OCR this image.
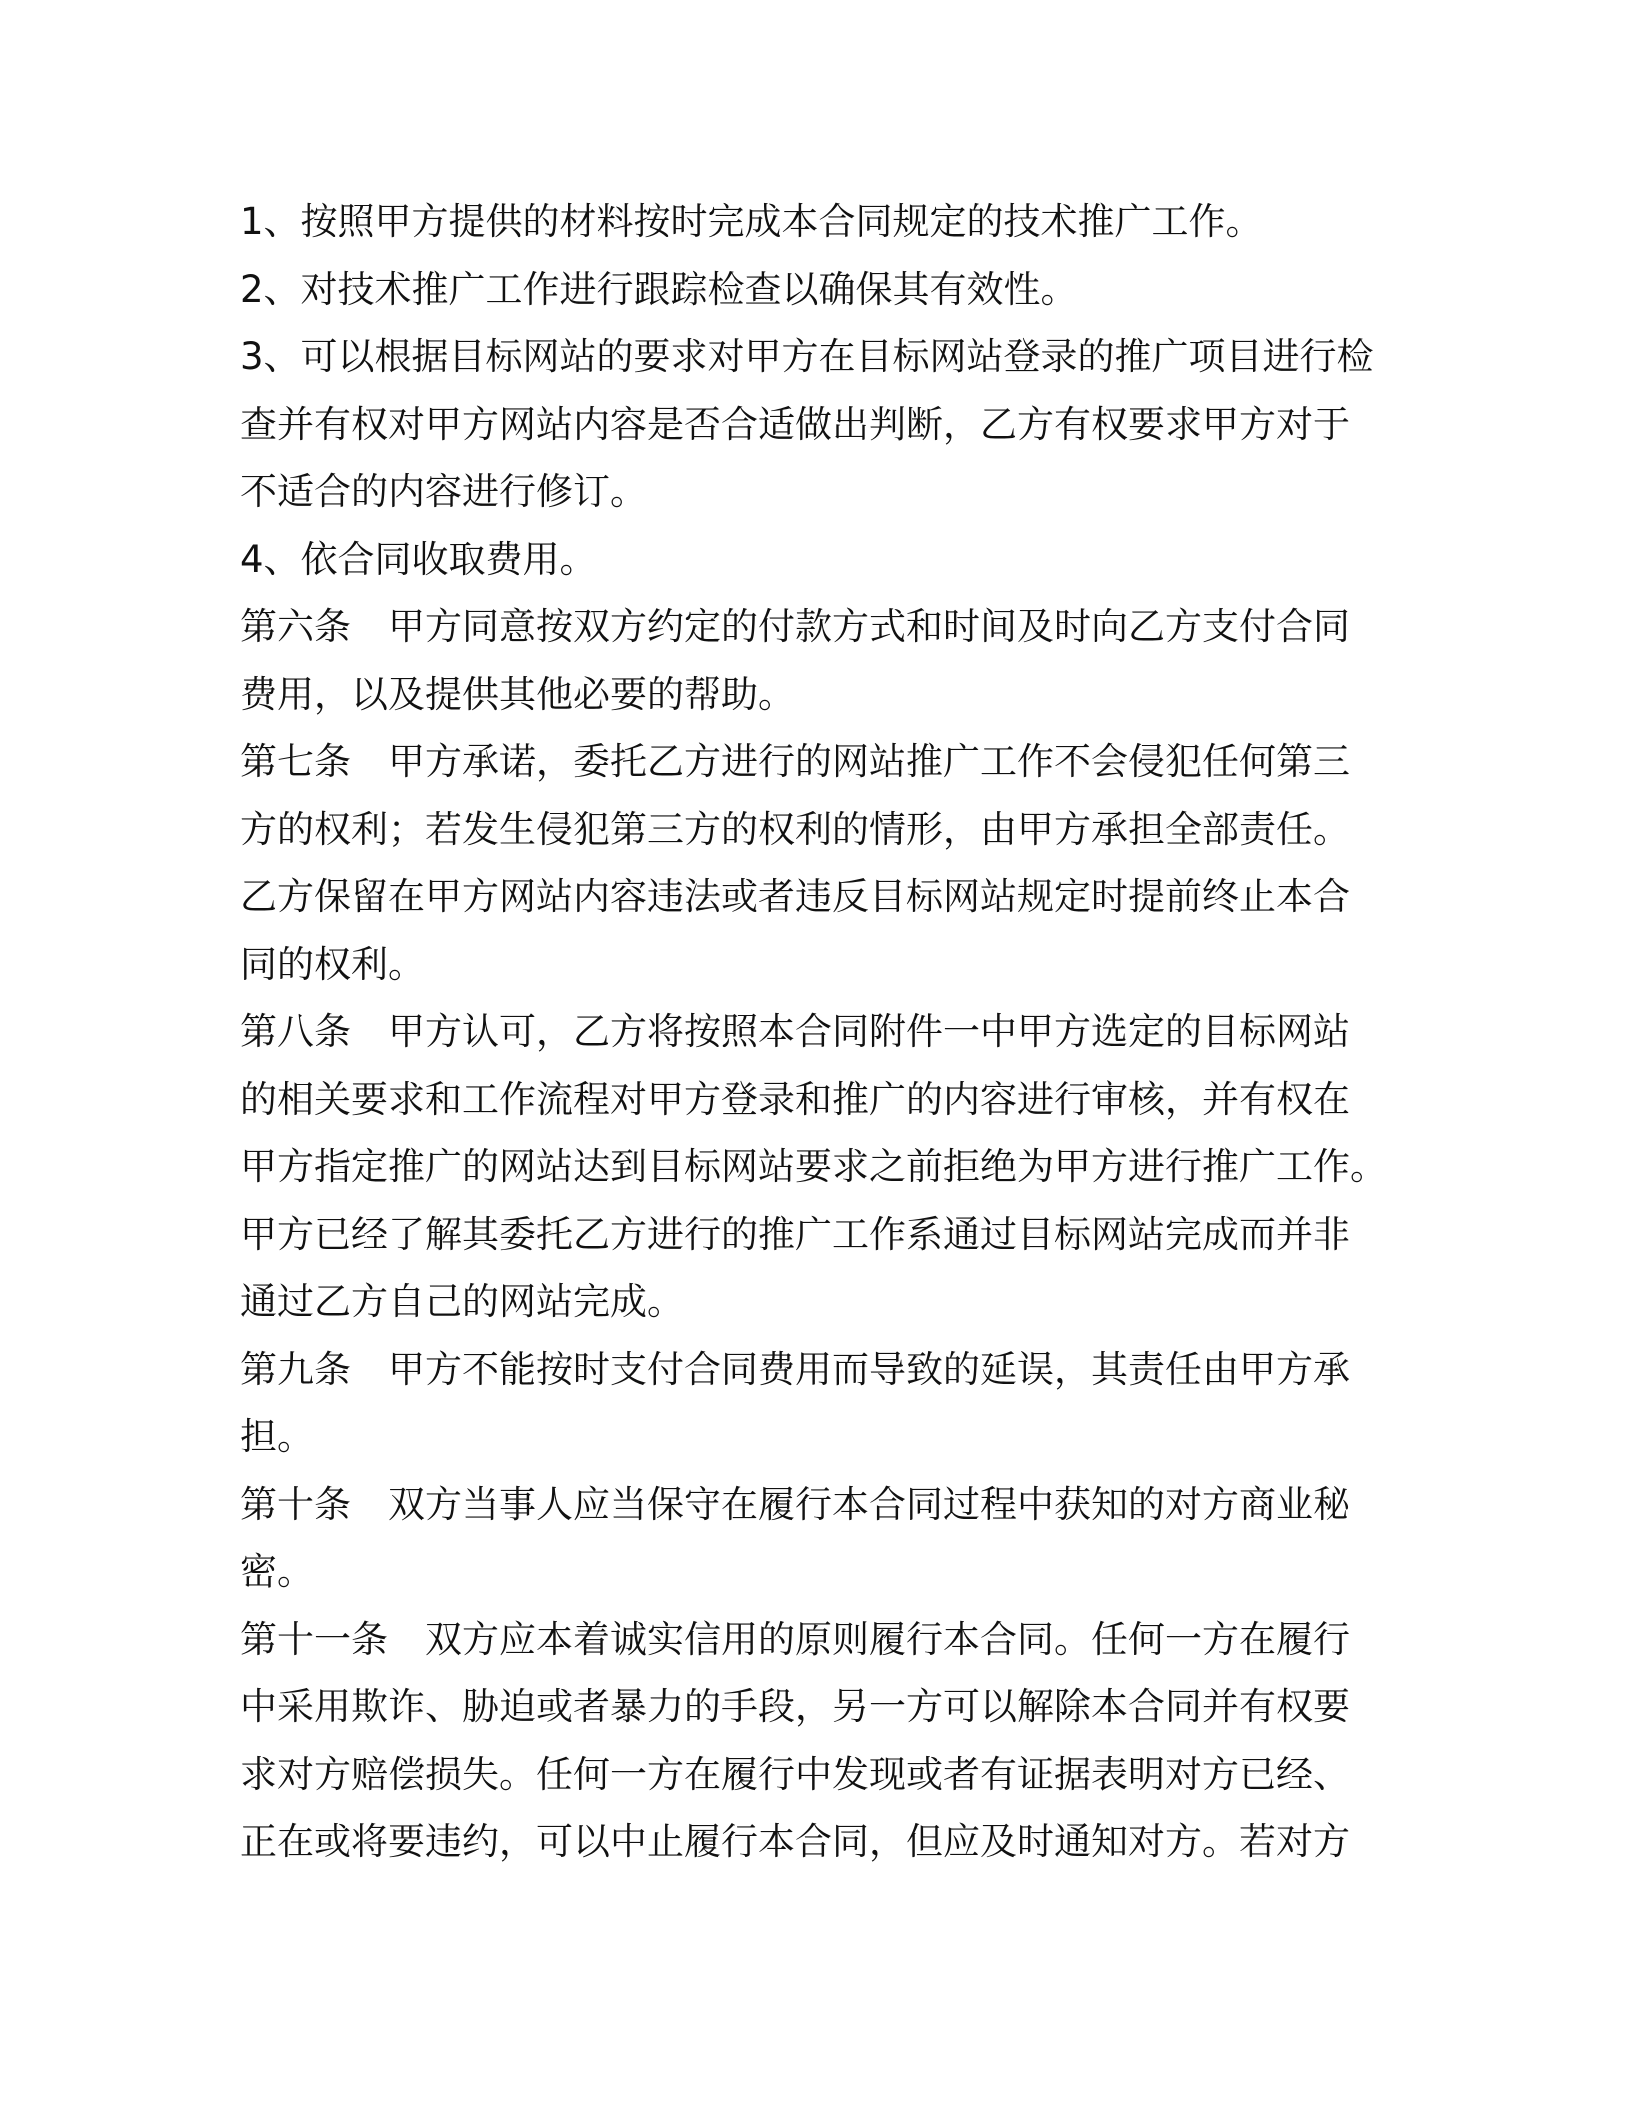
1、按照甲方提供的材料按时完成本合同规定的技术推广工作。
2、对技术推广工作进行跟踪检查以确保其有效性。
3、可以根据目标网站的要求对甲方在目标网站登录的推广项目进行检
查并有权对甲方网站内容是否合适做出判断，乙方有权要求甲方对于
不适合的内容进行修订。
4、依合同收取费用。
第六条　甲方同意按双方约定的付款方式和时间及时向乙方支付合同
费用，以及提供其他必要的帮助。
第七条　甲方承诺，委托乙方进行的网站推广工作不会侵犯任何第三
方的权利；若发生侵犯第三方的权利的情形，由甲方承担全部责任。
乙方保留在甲方网站内容违法或者违反目标网站规定时提前终止本合
同的权利。
第八条　甲方认可，乙方将按照本合同附件一中甲方选定的目标网站
的相关要求和工作流程对甲方登录和推广的内容进行审核，并有权在
甲方指定推广的网站达到目标网站要求之前拒绝为甲方进行推广工作。
甲方已经了解其委托乙方进行的推广工作系通过目标网站完成而并非
通过乙方自己的网站完成。
第九条　甲方不能按时支付合同费用而导致的延误，其责任由甲方承
担。
第十条　双方当事人应当保守在履行本合同过程中获知的对方商业秘
密。
第十一条　双方应本着诚实信用的原则履行本合同。任何一方在履行
中采用欺诈、胁迫或者暴力的手段，另一方可以解除本合同并有权要
求对方赔偿损失。任何一方在履行中发现或者有证据表明对方已经、
正在或将要违约，可以中止履行本合同，但应及时通知对方。若对方
